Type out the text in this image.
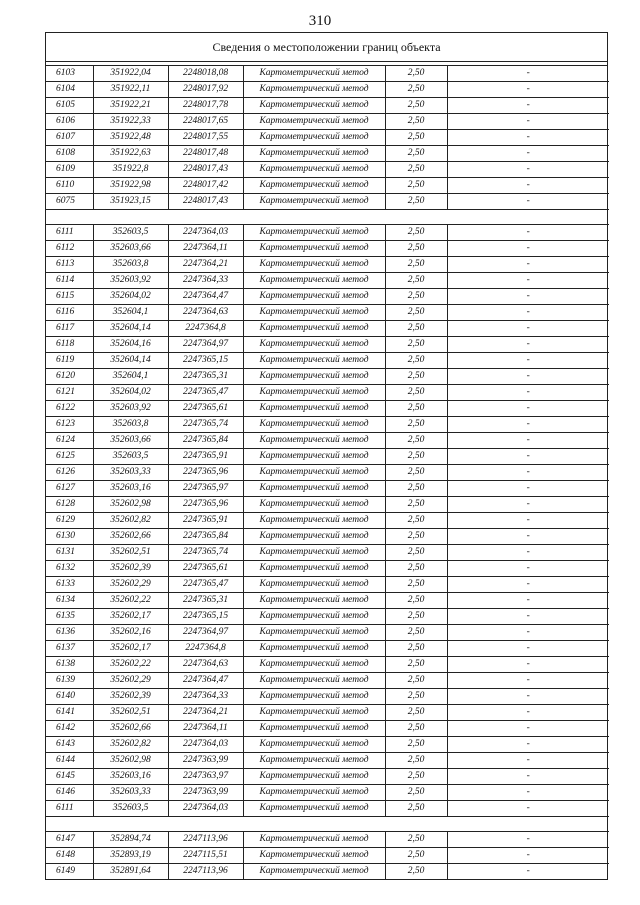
310
Сведения о местоположении границ объекта
6103	351922,04	2248018,08	Картометрический метод	2,50	-
6104	351922,11	2248017,92	Картометрический метод	2,50	-
6105	351922,21	2248017,78	Картометрический метод	2,50	-
6106	351922,33	2248017,65	Картометрический метод	2,50	-
6107	351922,48	2248017,55	Картометрический метод	2,50	-
6108	351922,63	2248017,48	Картометрический метод	2,50	-
6109	351922,8	2248017,43	Картометрический метод	2,50	-
6110	351922,98	2248017,42	Картометрический метод	2,50	-
6075	351923,15	2248017,43	Картометрический метод	2,50	-

6111	352603,5	2247364,03	Картометрический метод	2,50	-
6112	352603,66	2247364,11	Картометрический метод	2,50	-
6113	352603,8	2247364,21	Картометрический метод	2,50	-
6114	352603,92	2247364,33	Картометрический метод	2,50	-
6115	352604,02	2247364,47	Картометрический метод	2,50	-
6116	352604,1	2247364,63	Картометрический метод	2,50	-
6117	352604,14	2247364,8	Картометрический метод	2,50	-
6118	352604,16	2247364,97	Картометрический метод	2,50	-
6119	352604,14	2247365,15	Картометрический метод	2,50	-
6120	352604,1	2247365,31	Картометрический метод	2,50	-
6121	352604,02	2247365,47	Картометрический метод	2,50	-
6122	352603,92	2247365,61	Картометрический метод	2,50	-
6123	352603,8	2247365,74	Картометрический метод	2,50	-
6124	352603,66	2247365,84	Картометрический метод	2,50	-
6125	352603,5	2247365,91	Картометрический метод	2,50	-
6126	352603,33	2247365,96	Картометрический метод	2,50	-
6127	352603,16	2247365,97	Картометрический метод	2,50	-
6128	352602,98	2247365,96	Картометрический метод	2,50	-
6129	352602,82	2247365,91	Картометрический метод	2,50	-
6130	352602,66	2247365,84	Картометрический метод	2,50	-
6131	352602,51	2247365,74	Картометрический метод	2,50	-
6132	352602,39	2247365,61	Картометрический метод	2,50	-
6133	352602,29	2247365,47	Картометрический метод	2,50	-
6134	352602,22	2247365,31	Картометрический метод	2,50	-
6135	352602,17	2247365,15	Картометрический метод	2,50	-
6136	352602,16	2247364,97	Картометрический метод	2,50	-
6137	352602,17	2247364,8	Картометрический метод	2,50	-
6138	352602,22	2247364,63	Картометрический метод	2,50	-
6139	352602,29	2247364,47	Картометрический метод	2,50	-
6140	352602,39	2247364,33	Картометрический метод	2,50	-
6141	352602,51	2247364,21	Картометрический метод	2,50	-
6142	352602,66	2247364,11	Картометрический метод	2,50	-
6143	352602,82	2247364,03	Картометрический метод	2,50	-
6144	352602,98	2247363,99	Картометрический метод	2,50	-
6145	352603,16	2247363,97	Картометрический метод	2,50	-
6146	352603,33	2247363,99	Картометрический метод	2,50	-
6111	352603,5	2247364,03	Картометрический метод	2,50	-

6147	352894,74	2247113,96	Картометрический метод	2,50	-
6148	352893,19	2247115,51	Картометрический метод	2,50	-
6149	352891,64	2247113,96	Картометрический метод	2,50	-
